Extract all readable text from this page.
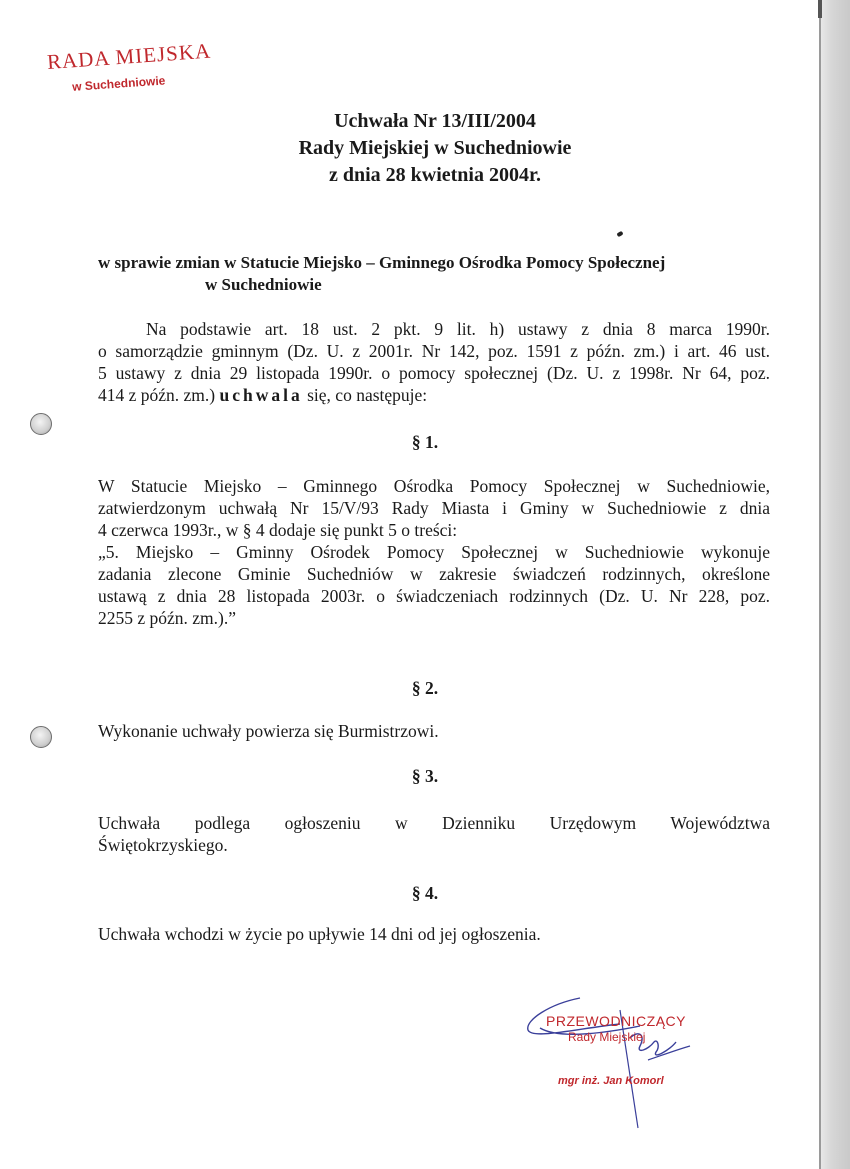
RADA MIEJSKA
w Suchedniowie
Uchwała Nr 13/III/2004
Rady Miejskiej w Suchedniowie
z dnia 28 kwietnia 2004r.
w sprawie zmian w Statucie Miejsko – Gminnego Ośrodka Pomocy Społecznej
w Suchedniowie
Na podstawie art. 18 ust. 2 pkt. 9 lit. h) ustawy z dnia 8 marca 1990r.
o samorządzie gminnym (Dz. U. z 2001r. Nr 142, poz. 1591 z późn. zm.) i art. 46 ust.
5 ustawy z dnia 29 listopada 1990r. o pomocy społecznej (Dz. U. z 1998r. Nr 64, poz.
414 z późn. zm.) uchwala się, co następuje:
§ 1.
W Statucie Miejsko – Gminnego Ośrodka Pomocy Społecznej w Suchedniowie,
zatwierdzonym uchwałą Nr 15/V/93 Rady Miasta i Gminy w Suchedniowie z dnia
4 czerwca 1993r., w § 4 dodaje się punkt 5 o treści:
„5. Miejsko – Gminny Ośrodek Pomocy Społecznej w Suchedniowie wykonuje
zadania zlecone Gminie Suchedniów w zakresie świadczeń rodzinnych, określone
ustawą z dnia 28 listopada 2003r. o świadczeniach rodzinnych (Dz. U. Nr 228, poz.
2255 z późn. zm.).”
§ 2.
Wykonanie uchwały powierza się Burmistrzowi.
§ 3.
Uchwała podlega ogłoszeniu w Dzienniku Urzędowym Województwa
Świętokrzyskiego.
§ 4.
Uchwała wchodzi w życie po upływie 14 dni od jej ogłoszenia.
PRZEWODNICZĄCY
Rady Miejskiej
mgr inż. Jan Komorl
